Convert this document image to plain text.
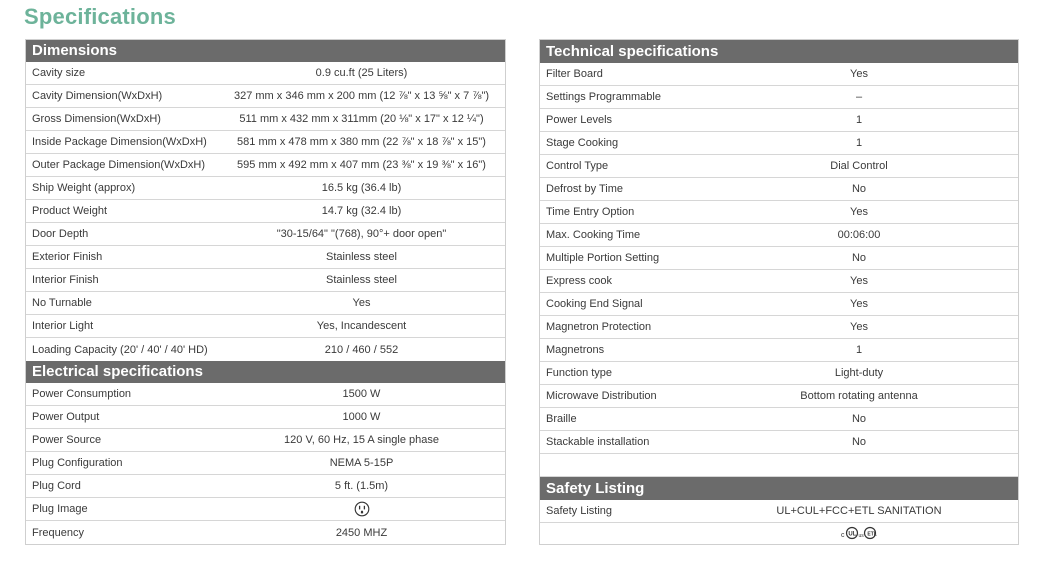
Specifications
Dimensions
Cavity size	0.9 cu.ft (25 Liters)
Cavity Dimension(WxDxH)	327 mm x 346 mm x 200 mm (12 ⅞" x 13 ⅝" x 7 ⅞")
Gross Dimension(WxDxH)	511 mm x 432 mm x 311mm (20 ⅛" x 17" x 12 ¼")
Inside Package Dimension(WxDxH)	581 mm x 478 mm x 380 mm (22 ⅞" x 18 ⅞" x 15")
Outer Package Dimension(WxDxH)	595 mm x 492 mm x 407 mm (23 ⅜" x 19 ⅜" x 16")
Ship Weight (approx)	16.5 kg (36.4 lb)
Product Weight	14.7 kg (32.4 lb)
Door Depth	"30-15/64" "(768), 90°+ door open"
Exterior Finish	Stainless steel
Interior Finish	Stainless steel
No Turnable	Yes
Interior Light	Yes, Incandescent
Loading Capacity (20' / 40' / 40' HD)	210 / 460 / 552
Electrical specifications
Power Consumption	1500 W
Power Output	1000 W
Power Source	120 V, 60 Hz, 15 A single phase
Plug Configuration	NEMA 5-15P
Plug Cord	5 ft. (1.5m)
Plug Image
Frequency	2450 MHZ
Technical specifications
Filter Board	Yes
Settings Programmable	–
Power Levels	1
Stage Cooking	1
Control Type	Dial Control
Defrost by Time	No
Time Entry Option	Yes
Max. Cooking Time	00:06:00
Multiple Portion Setting	No
Express cook	Yes
Cooking End Signal	Yes
Magnetron Protection	Yes
Magnetrons	1
Function type	Light-duty
Microwave Distribution	Bottom rotating antenna
Braille	No
Stackable installation	No
Safety Listing
Safety Listing	UL+CUL+FCC+ETL SANITATION
c UL us ETL
